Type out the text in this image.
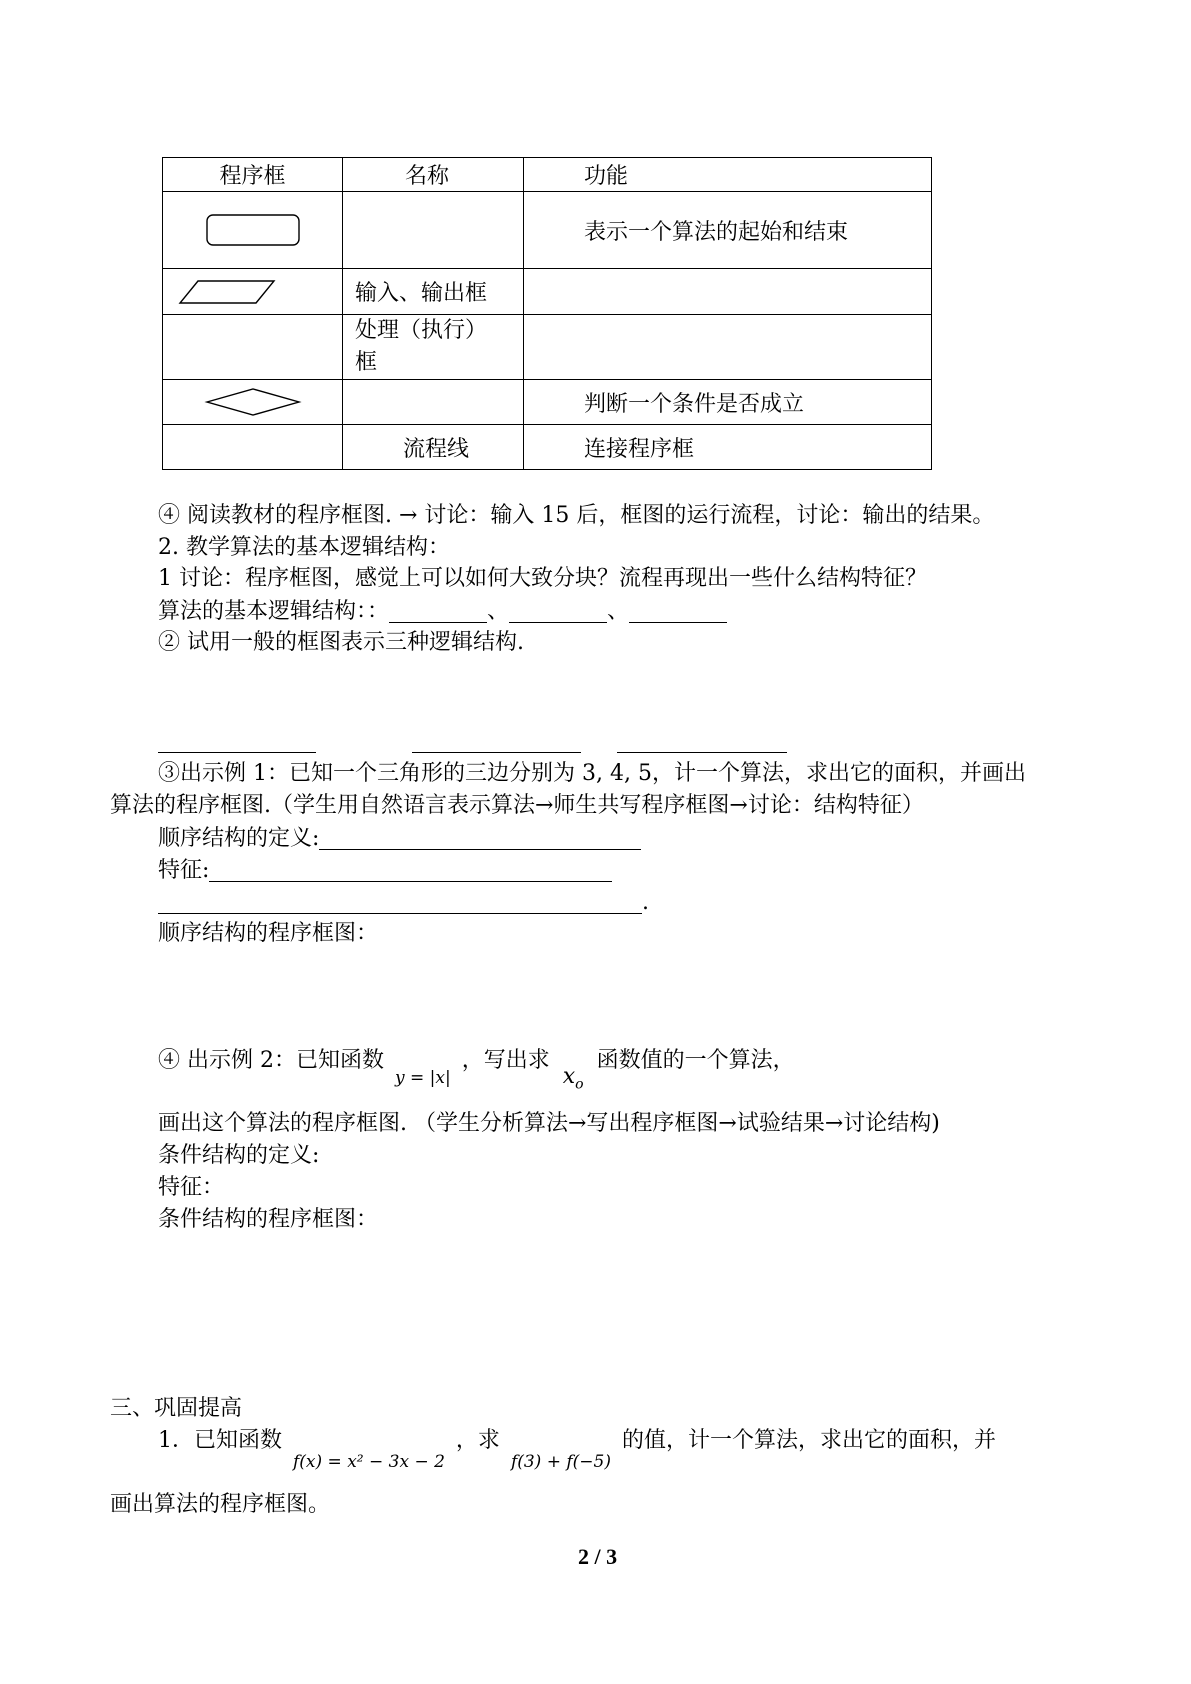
程序框	名称	功能

		表示一个算法的起始和结束

	输入、输出框	

	处理（执行）
框	

		判断一个条件是否成立
	流程线	连接程序框
④ 阅读教材的程序框图. → 讨论：输入 15 后，框图的运行流程，讨论：输出的结果。
2. 教学算法的基本逻辑结构：
1 讨论：程序框图，感觉上可以如何大致分块？流程再现出一些什么结构特征？
算法的基本逻辑结构：：	、	、
② 试用一般的框图表示三种逻辑结构.
③出示例 1：已知一个三角形的三边分别为 3, 4, 5，计一个算法，求出它的面积，并画出
算法的程序框图.（学生用自然语言表示算法→师生共写程序框图→讨论：结构特征）
顺序结构的定义:
特征:
.
顺序结构的程序框图：
④ 出示例 2：已知函数 $_{y = |x|}$ ，写出求 $x_o$ 函数值的一个算法，
画出这个算法的程序框图. （学生分析算法→写出程序框图→试验结果→讨论结构)
条件结构的定义:
特征：
条件结构的程序框图：
三、巩固提高
1．已知函数 $_{f(x) = x^2 - 3x - 2}$ ，求 $_{f(3) + f(-5)}$ 的值，计一个算法，求出它的面积，并
画出算法的程序框图。
2 / 3
